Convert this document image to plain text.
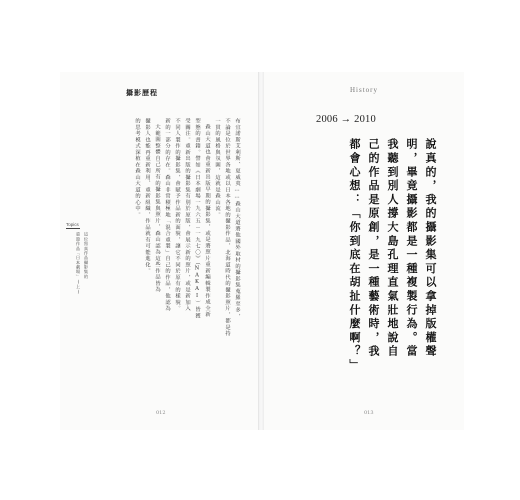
攝影歷程
布宜諾斯艾利斯、夏威夷……森山大道將他國外取材的攝影集蒐羅至多，
不論是位於世界各地或以日本各地的攝影作品，北海道時代的攝影照片，都是持
一貫的風格與氛圍，這就是森山流。
森山大道也會重新出版早期的攝影集，或是將照片重新編輯製作成全新
型態的書籍。譬如《日本劇場一九六五－一九七〇》（NAKAI）皆獲
受關注。重新出版的攝影集有別於原版，會展示新的照片，或是新加入
不同人製作的攝影集，會賦予作品新的面貌，讓它不同於原有的樣貌。
新的一部分的存在。森山非常積極地「混合重製」自己的作品，他認為
大範圍整體自己所有的攝影集與照片，森山認為這些作品皆為
攝影人也能再重新利用、重新組織，作品就有可能進化。
的思考模式深植在森山大道的心中。
Topics
這位寫真作品攝影集的
重遊作品「日本劇場」(上)
012
History
2006 → 2010
說真的，我的攝影集可以拿掉版權聲
明，畢竟攝影都是一種複製行為。當
我聽到別人撐大島孔理直氣壯地說自
己的作品是原創，是一種藝術時，我
都會心想：「你到底在胡扯什麼啊？」
013
